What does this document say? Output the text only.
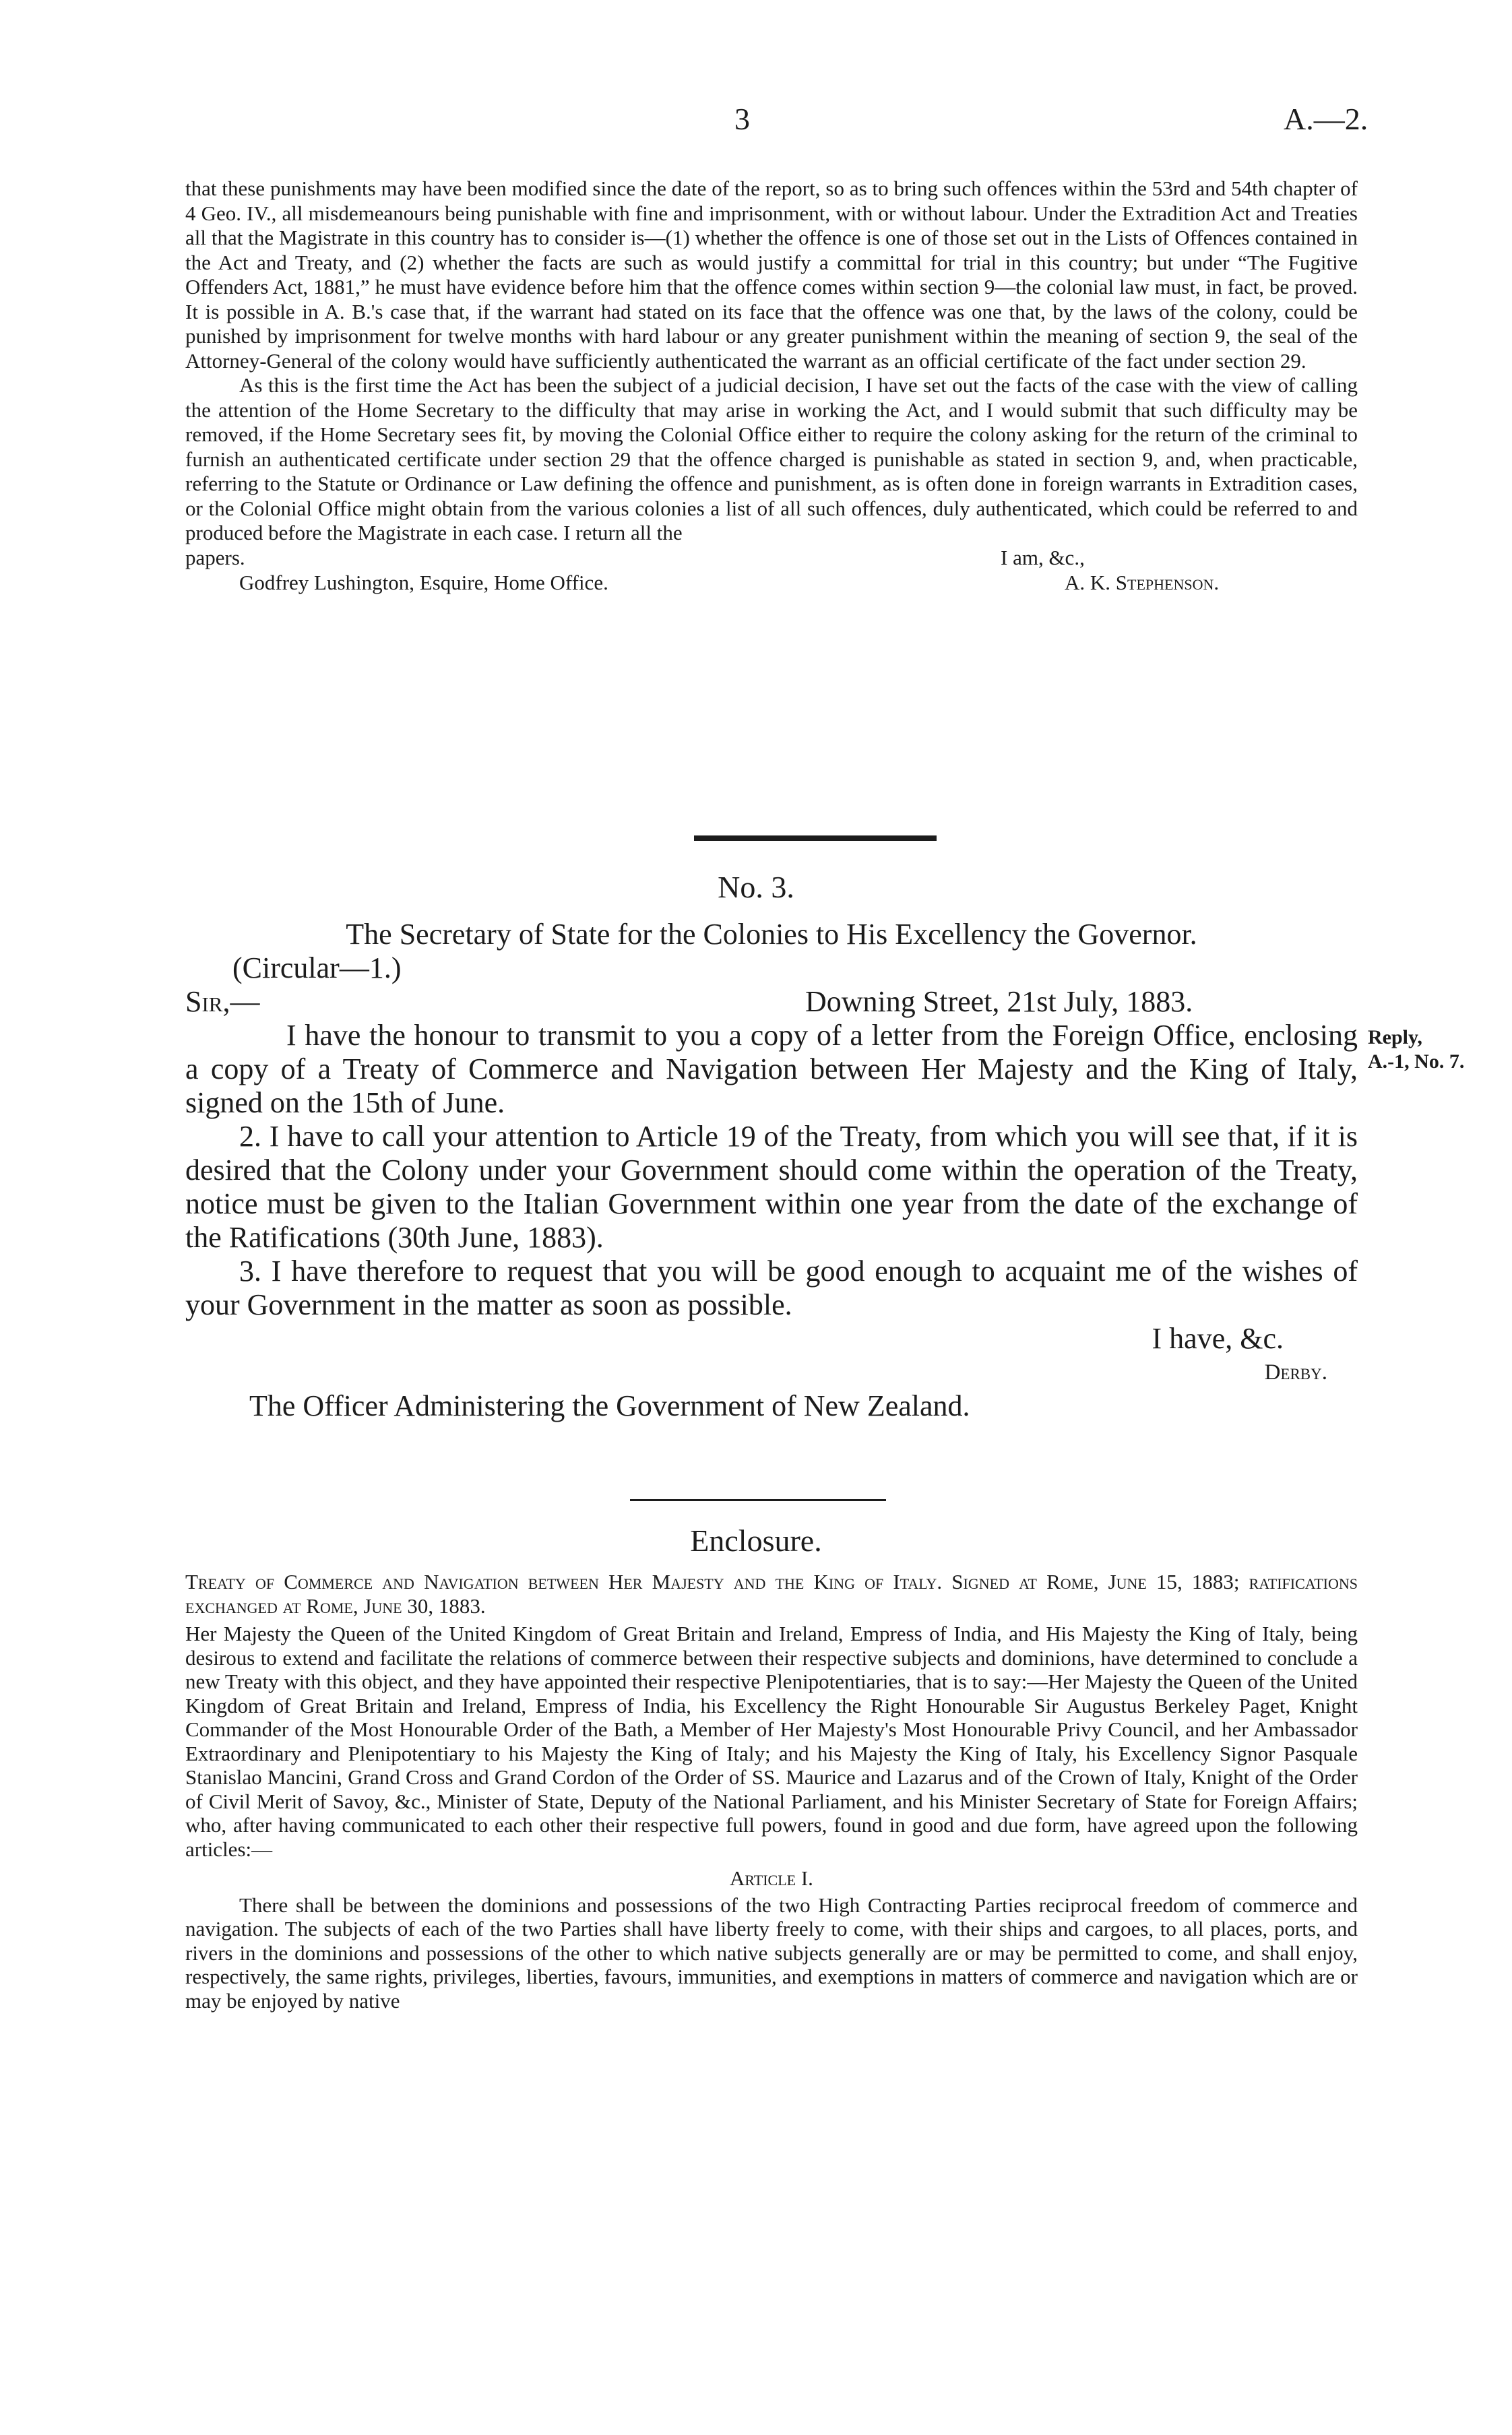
3	A.—2.

that these punishments may have been modified since the date of the report, so as to bring such offences within the 53rd and 54th chapter of 4 Geo. IV., all misdemeanours being punishable with fine and imprisonment, with or without labour. Under the Extradition Act and Treaties all that the Magistrate in this country has to consider is—(1) whether the offence is one of those set out in the Lists of Offences contained in the Act and Treaty, and (2) whether the facts are such as would justify a committal for trial in this country; but under “The Fugitive Offenders Act, 1881,” he must have evidence before him that the offence comes within section 9—the colonial law must, in fact, be proved. It is possible in A. B.'s case that, if the warrant had stated on its face that the offence was one that, by the laws of the colony, could be punished by imprisonment for twelve months with hard labour or any greater punishment within the meaning of section 9, the seal of the Attorney-General of the colony would have sufficiently authenticated the warrant as an official certificate of the fact under section 29.

As this is the first time the Act has been the subject of a judicial decision, I have set out the facts of the case with the view of calling the attention of the Home Secretary to the difficulty that may arise in working the Act, and I would submit that such difficulty may be removed, if the Home Secretary sees fit, by moving the Colonial Office either to require the colony asking for the return of the criminal to furnish an authenticated certificate under section 29 that the offence charged is punishable as stated in section 9, and, when practicable, referring to the Statute or Ordinance or Law defining the offence and punishment, as is often done in foreign warrants in Extradition cases, or the Colonial Office might obtain from the various colonies a list of all such offences, duly authenticated, which could be referred to and produced before the Magistrate in each case. I return all the

papers.	I am, &c.,
Godfrey Lushington, Esquire, Home Office.	A. K. Stephenson.
No. 3.

The Secretary of State for the Colonies to His Excellency the Governor.

(Circular—1.)

Sir,—	Downing Street, 21st July, 1883.

I have the honour to transmit to you a copy of a letter from the Foreign Office, enclosing a copy of a Treaty of Commerce and Navigation between Her Majesty and the King of Italy, signed on the 15th of June.

2. I have to call your attention to Article 19 of the Treaty, from which you will see that, if it is desired that the Colony under your Government should come within the operation of the Treaty, notice must be given to the Italian Government within one year from the date of the exchange of the Ratifications (30th June, 1883).

3. I have therefore to request that you will be good enough to acquaint me of the wishes of your Government in the matter as soon as possible.

I have, &c.

Derby.

The Officer Administering the Government of New Zealand.

Reply,
A.-1, No. 7.
Enclosure.

Treaty of Commerce and Navigation between Her Majesty and the King of Italy. Signed at Rome, June 15, 1883; ratifications exchanged at Rome, June 30, 1883.

Her Majesty the Queen of the United Kingdom of Great Britain and Ireland, Empress of India, and His Majesty the King of Italy, being desirous to extend and facilitate the relations of commerce between their respective subjects and dominions, have determined to conclude a new Treaty with this object, and they have appointed their respective Plenipotentiaries, that is to say:—Her Majesty the Queen of the United Kingdom of Great Britain and Ireland, Empress of India, his Excellency the Right Honourable Sir Augustus Berkeley Paget, Knight Commander of the Most Honourable Order of the Bath, a Member of Her Majesty's Most Honourable Privy Council, and her Ambassador Extraordinary and Plenipotentiary to his Majesty the King of Italy; and his Majesty the King of Italy, his Excellency Signor Pasquale Stanislao Mancini, Grand Cross and Grand Cordon of the Order of SS. Maurice and Lazarus and of the Crown of Italy, Knight of the Order of Civil Merit of Savoy, &c., Minister of State, Deputy of the National Parliament, and his Minister Secretary of State for Foreign Affairs; who, after having communicated to each other their respective full powers, found in good and due form, have agreed upon the following articles:—

Article I.

There shall be between the dominions and possessions of the two High Contracting Parties reciprocal freedom of commerce and navigation. The subjects of each of the two Parties shall have liberty freely to come, with their ships and cargoes, to all places, ports, and rivers in the dominions and possessions of the other to which native subjects generally are or may be permitted to come, and shall enjoy, respectively, the same rights, privileges, liberties, favours, immunities, and exemptions in matters of commerce and navigation which are or may be enjoyed by native
